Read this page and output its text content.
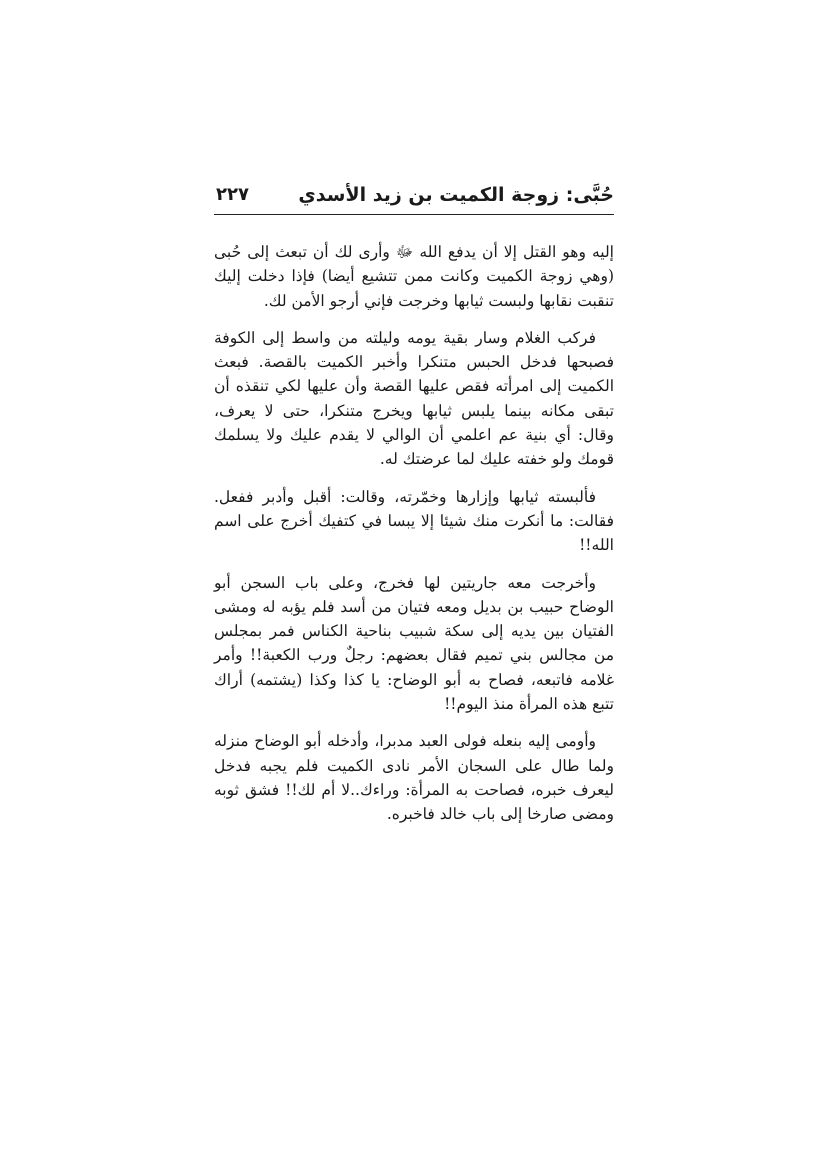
حُبَّى: زوجة الكميت بن زيد الأسدي
٢٢٧

إليه وهو القتل إلا أن يدفع الله ﷻ وأرى لك أن تبعث إلى حُبى (وهي زوجة الكميت وكانت ممن تتشيع أيضا) فإذا دخلت إليك تنقبت نقابها ولبست ثيابها وخرجت فإني أرجو الأمن لك.

فركب الغلام وسار بقية يومه وليلته من واسط إلى الكوفة فصبحها فدخل الحبس متنكرا وأخبر الكميت بالقصة. فبعث الكميت إلى امرأته فقص عليها القصة وأن عليها لكي تنقذه أن تبقى مكانه بينما يلبس ثيابها ويخرج متنكرا، حتى لا يعرف، وقال: أي بنية عم اعلمي أن الوالي لا يقدم عليك ولا يسلمك قومك ولو خفته عليك لما عرضتك له.

فألبسته ثيابها وإزارها وخمّرته، وقالت: أقبل وأدبر ففعل. فقالت: ما أنكرت منك شيئا إلا يبسا في كتفيك أخرج على اسم الله!!

وأخرجت معه جاريتين لها فخرج، وعلى باب السجن أبو الوضاح حبيب بن بديل ومعه فتيان من أسد فلم يؤبه له ومشى الفتيان بين يديه إلى سكة شبيب بناحية الكناس فمر بمجلس من مجالس بني تميم فقال بعضهم: رجلٌ ورب الكعبة!! وأمر غلامه فاتبعه، فصاح به أبو الوضاح: يا كذا وكذا (يشتمه) أراك تتبع هذه المرأة منذ اليوم!!

وأومى إليه بنعله فولى العبد مدبرا، وأدخله أبو الوضاح منزله ولما طال على السجان الأمر نادى الكميت فلم يجبه فدخل ليعرف خبره، فصاحت به المرأة: وراءك..لا أم لك!! فشق ثوبه ومضى صارخا إلى باب خالد فاخبره.
